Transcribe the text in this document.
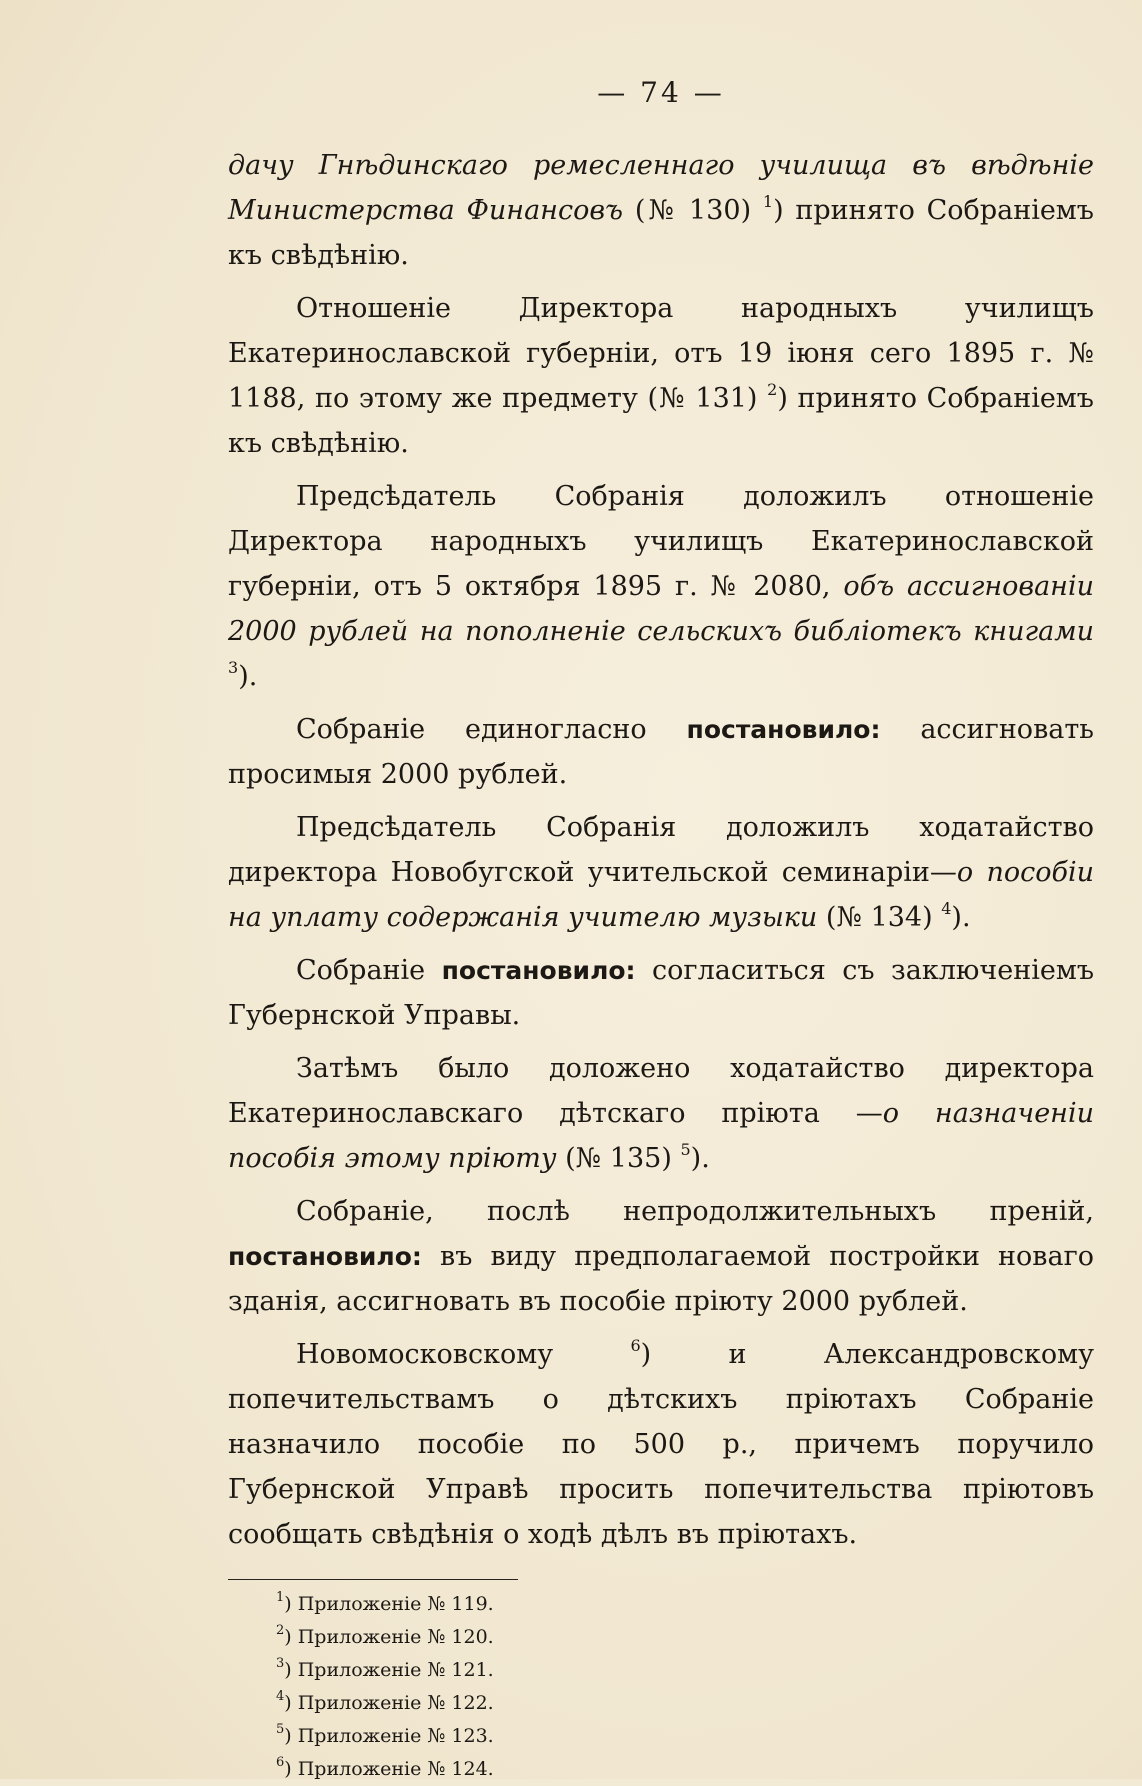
— 74 —

дачу Гнѣдинскаго ремесленнаго училища въ вѣдѣніе Министерства Финансовъ (№ 130) $^1$) принято Собраніемъ къ свѣдѣнію.

Отношеніе Директора народныхъ училищъ Екатеринославской губерніи, отъ 19 іюня сего 1895 г. № 1188, по этому же предмету (№ 131) $^2$) принято Собраніемъ къ свѣдѣнію.

Предсѣдатель Собранія доложилъ отношеніе Директора народныхъ училищъ Екатеринославской губерніи, отъ 5 октября 1895 г. № 2080, объ ассигнованіи 2000 рублей на пополненіе сельскихъ библіотекъ книгами $^3$).

Собраніе единогласно постановило: ассигновать просимыя 2000 рублей.

Предсѣдатель Собранія доложилъ ходатайство директора Новобугской учительской семинаріи—о пособіи на уплату содержанія учителю музыки (№ 134) $^4$).

Собраніе постановило: согласиться съ заключеніемъ Губернской Управы.

Затѣмъ было доложено ходатайство директора Екатеринославскаго дѣтскаго пріюта —о назначеніи пособія этому пріюту (№ 135) $^5$).

Собраніе, послѣ непродолжительныхъ преній, постановило: въ виду предполагаемой постройки новаго зданія, ассигновать въ пособіе пріюту 2000 рублей.

Новомосковскому $^6$) и Александровскому попечительствамъ о дѣтскихъ пріютахъ Собраніе назначило пособіе по 500 р., причемъ поручило Губернской Управѣ просить попечительства пріютовъ сообщать свѣдѣнія о ходѣ дѣлъ въ пріютахъ.

$^1$) Приложеніе № 119.

$^2$) Приложеніе № 120.

$^3$) Приложеніе № 121.

$^4$) Приложеніе № 122.

$^5$) Приложеніе № 123.

$^6$) Приложеніе № 124.
